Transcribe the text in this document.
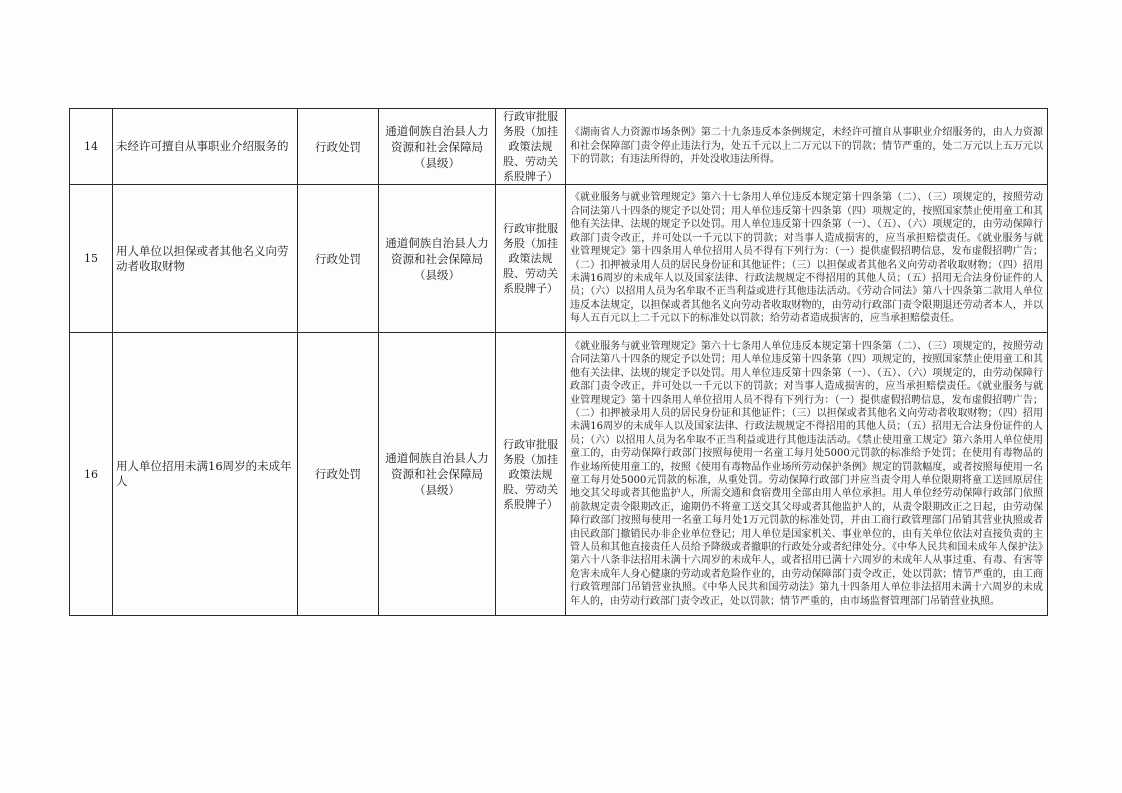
14	未经许可擅自从事职业介绍服务的	行政处罚	通道侗族自治县人力资源和社会保障局（县级）	行政审批服务股（加挂政策法规股、劳动关系股牌子）	《湖南省人力资源市场条例》第二十九条违反本条例规定，未经许可擅自从事职业介绍服务的，由人力资源和社会保障部门责令停止违法行为，处五千元以上二万元以下的罚款；情节严重的，处二万元以上五万元以下的罚款；有违法所得的，并处没收违法所得。
15	用人单位以担保或者其他名义向劳动者收取财物	行政处罚	通道侗族自治县人力资源和社会保障局（县级）	行政审批服务股（加挂政策法规股、劳动关系股牌子）	《就业服务与就业管理规定》第六十七条用人单位违反本规定第十四条第（二）、（三）项规定的，按照劳动合同法第八十四条的规定予以处罚；用人单位违反第十四条第（四）项规定的，按照国家禁止使用童工和其他有关法律、法规的规定予以处罚。用人单位违反第十四条第（一）、（五）、（六）项规定的，由劳动保障行政部门责令改正，并可处以一千元以下的罚款；对当事人造成损害的，应当承担赔偿责任。《就业服务与就业管理规定》第十四条用人单位招用人员不得有下列行为：（一）提供虚假招聘信息，发布虚假招聘广告；（二）扣押被录用人员的居民身份证和其他证件；（三）以担保或者其他名义向劳动者收取财物；（四）招用未满16周岁的未成年人以及国家法律、行政法规规定不得招用的其他人员；（五）招用无合法身份证件的人员；（六）以招用人员为名牟取不正当利益或进行其他违法活动。《劳动合同法》第八十四条第二款用人单位违反本法规定，以担保或者其他名义向劳动者收取财物的，由劳动行政部门责令限期退还劳动者本人，并以每人五百元以上二千元以下的标准处以罚款；给劳动者造成损害的，应当承担赔偿责任。
16	用人单位招用未满16周岁的未成年人	行政处罚	通道侗族自治县人力资源和社会保障局（县级）	行政审批服务股（加挂政策法规股、劳动关系股牌子）	《就业服务与就业管理规定》第六十七条用人单位违反本规定第十四条第（二）、（三）项规定的，按照劳动合同法第八十四条的规定予以处罚；用人单位违反第十四条第（四）项规定的，按照国家禁止使用童工和其他有关法律、法规的规定予以处罚。用人单位违反第十四条第（一）、（五）、（六）项规定的，由劳动保障行政部门责令改正，并可处以一千元以下的罚款；对当事人造成损害的，应当承担赔偿责任。《就业服务与就业管理规定》第十四条用人单位招用人员不得有下列行为：（一）提供虚假招聘信息，发布虚假招聘广告；（二）扣押被录用人员的居民身份证和其他证件；（三）以担保或者其他名义向劳动者收取财物；（四）招用未满16周岁的未成年人以及国家法律、行政法规规定不得招用的其他人员；（五）招用无合法身份证件的人员；（六）以招用人员为名牟取不正当利益或进行其他违法活动。《禁止使用童工规定》第六条用人单位使用童工的，由劳动保障行政部门按照每使用一名童工每月处5000元罚款的标准给予处罚；在使用有毒物品的作业场所使用童工的，按照《使用有毒物品作业场所劳动保护条例》规定的罚款幅度，或者按照每使用一名童工每月处5000元罚款的标准，从重处罚。劳动保障行政部门并应当责令用人单位限期将童工送回原居住地交其父母或者其他监护人，所需交通和食宿费用全部由用人单位承担。用人单位经劳动保障行政部门依照前款规定责令限期改正，逾期仍不将童工送交其父母或者其他监护人的，从责令限期改正之日起，由劳动保障行政部门按照每使用一名童工每月处1万元罚款的标准处罚，并由工商行政管理部门吊销其营业执照或者由民政部门撤销民办非企业单位登记；用人单位是国家机关、事业单位的，由有关单位依法对直接负责的主管人员和其他直接责任人员给予降级或者撤职的行政处分或者纪律处分。《中华人民共和国未成年人保护法》第六十八条非法招用未满十六周岁的未成年人，或者招用已满十六周岁的未成年人从事过重、有毒、有害等危害未成年人身心健康的劳动或者危险作业的，由劳动保障部门责令改正，处以罚款；情节严重的，由工商行政管理部门吊销营业执照。《中华人民共和国劳动法》第九十四条用人单位非法招用未满十六周岁的未成年人的，由劳动行政部门责令改正，处以罚款；情节严重的，由市场监督管理部门吊销营业执照。
